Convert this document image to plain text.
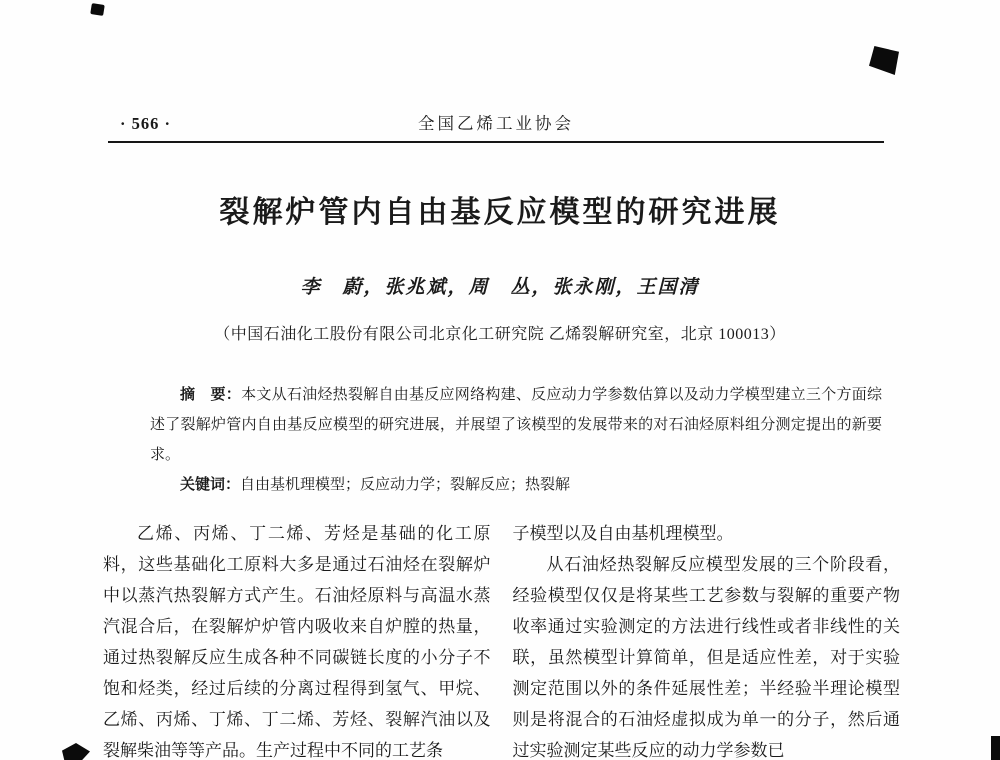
· 566 ·	全国乙烯工业协会
裂解炉管内自由基反应模型的研究进展
李　蔚，张兆斌，周　丛，张永刚，王国清
（中国石油化工股份有限公司北京化工研究院 乙烯裂解研究室，北京 100013）

摘　要：本文从石油烃热裂解自由基反应网络构建、反应动力学参数估算以及动力学模型建立三个方面综述了裂解炉管内自由基反应模型的研究进展，并展望了该模型的发展带来的对石油烃原料组分测定提出的新要求。

关键词：自由基机理模型；反应动力学；裂解反应；热裂解

乙烯、丙烯、丁二烯、芳烃是基础的化工原料，这些基础化工原料大多是通过石油烃在裂解炉中以蒸汽热裂解方式产生。石油烃原料与高温水蒸汽混合后，在裂解炉炉管内吸收来自炉膛的热量，通过热裂解反应生成各种不同碳链长度的小分子不饱和烃类，经过后续的分离过程得到氢气、甲烷、乙烯、丙烯、丁烯、丁二烯、芳烃、裂解汽油以及裂解柴油等等产品。生产过程中不同的工艺条

子模型以及自由基机理模型。

从石油烃热裂解反应模型发展的三个阶段看，经验模型仅仅是将某些工艺参数与裂解的重要产物收率通过实验测定的方法进行线性或者非线性的关联，虽然模型计算简单，但是适应性差，对于实验测定范围以外的条件延展性差；半经验半理论模型则是将混合的石油烃虚拟成为单一的分子，然后通过实验测定某些反应的动力学参数已
